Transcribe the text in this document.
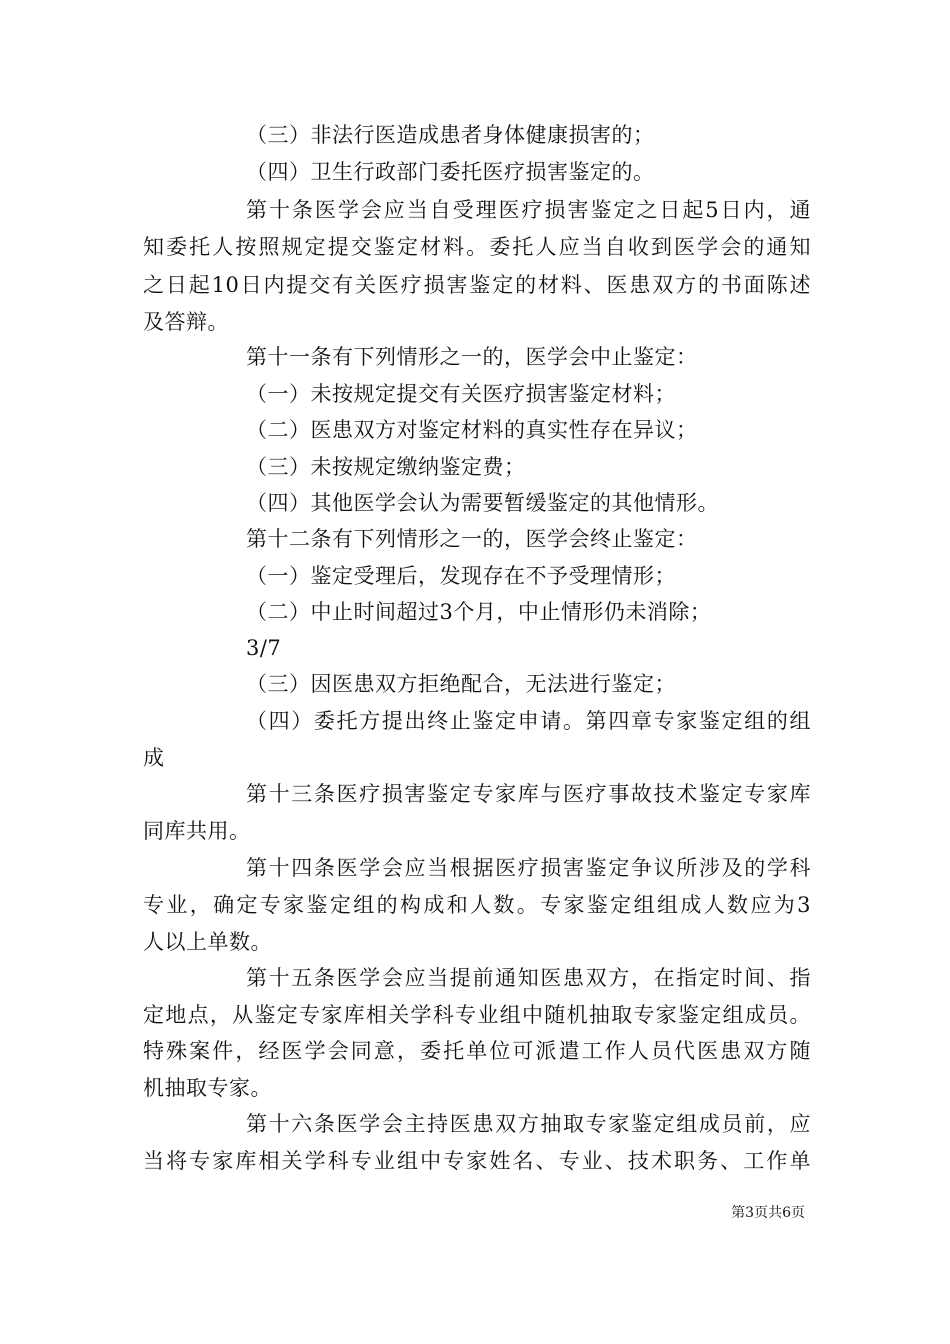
（三）非法行医造成患者身体健康损害的；
（四）卫生行政部门委托医疗损害鉴定的。
第十条医学会应当自受理医疗损害鉴定之日起5日内，通
知委托人按照规定提交鉴定材料。委托人应当自收到医学会的通知
之日起10日内提交有关医疗损害鉴定的材料、医患双方的书面陈述
及答辩。
第十一条有下列情形之一的，医学会中止鉴定：
（一）未按规定提交有关医疗损害鉴定材料；
（二）医患双方对鉴定材料的真实性存在异议；
（三）未按规定缴纳鉴定费；
（四）其他医学会认为需要暂缓鉴定的其他情形。
第十二条有下列情形之一的，医学会终止鉴定：
（一）鉴定受理后，发现存在不予受理情形；
（二）中止时间超过3个月，中止情形仍未消除；
3/7
（三）因医患双方拒绝配合，无法进行鉴定；
（四）委托方提出终止鉴定申请。第四章专家鉴定组的组
成
第十三条医疗损害鉴定专家库与医疗事故技术鉴定专家库
同库共用。
第十四条医学会应当根据医疗损害鉴定争议所涉及的学科
专业，确定专家鉴定组的构成和人数。专家鉴定组组成人数应为3
人以上单数。
第十五条医学会应当提前通知医患双方，在指定时间、指
定地点，从鉴定专家库相关学科专业组中随机抽取专家鉴定组成员。
特殊案件，经医学会同意，委托单位可派遣工作人员代医患双方随
机抽取专家。
第十六条医学会主持医患双方抽取专家鉴定组成员前，应
当将专家库相关学科专业组中专家姓名、专业、技术职务、工作单
第3页共6页
